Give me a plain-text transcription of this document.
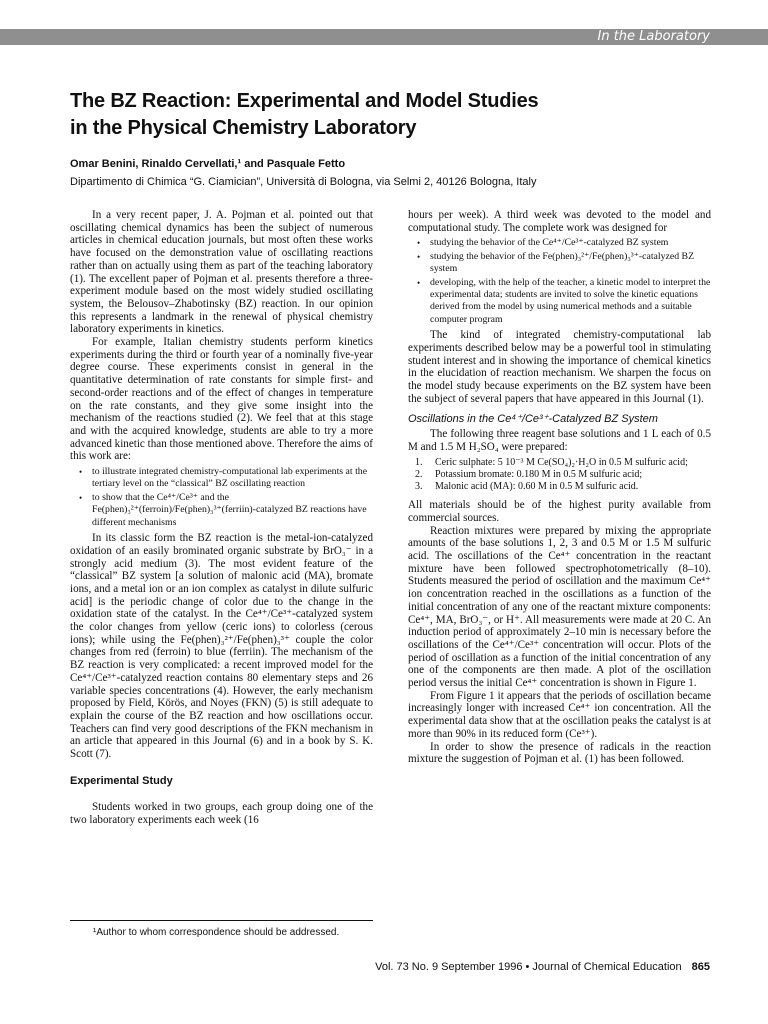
In the Laboratory
The BZ Reaction: Experimental and Model Studies
in the Physical Chemistry Laboratory
Omar Benini, Rinaldo Cervellati,¹ and Pasquale Fetto
Dipartimento di Chimica “G. Ciamician”, Università di Bologna, via Selmi 2, 40126 Bologna, Italy

In a very recent paper, J. A. Pojman et al. pointed out that oscillating chemical dynamics has been the subject of numerous articles in chemical education journals, but most often these works have focused on the demonstration value of oscillating reactions rather than on actually using them as part of the teaching laboratory (1). The excellent paper of Pojman et al. presents therefore a three-experiment module based on the most widely studied oscillating system, the Belousov–Zhabotinsky (BZ) reaction. In our opinion this represents a landmark in the renewal of physical chemistry laboratory experiments in kinetics.

For example, Italian chemistry students perform kinetics experiments during the third or fourth year of a nominally five-year degree course. These experiments consist in general in the quantitative determination of rate constants for simple first- and second-order reactions and of the effect of changes in temperature on the rate constants, and they give some insight into the mechanism of the reactions studied (2). We feel that at this stage and with the acquired knowledge, students are able to try a more advanced kinetic than those mentioned above. Therefore the aims of this work are:

• to illustrate integrated chemistry-computational lab experiments at the tertiary level on the “classical” BZ oscillating reaction
• to show that the Ce⁴⁺/Ce³⁺ and the Fe(phen)₃²⁺(ferroin)/Fe(phen)₃³⁺(ferriin)-catalyzed BZ reactions have different mechanisms

In its classic form the BZ reaction is the metal-ion-catalyzed oxidation of an easily brominated organic substrate by BrO₃⁻ in a strongly acid medium (3). The most evident feature of the “classical” BZ system [a solution of malonic acid (MA), bromate ions, and a metal ion or an ion complex as catalyst in dilute sulfuric acid] is the periodic change of color due to the change in the oxidation state of the catalyst. In the Ce⁴⁺/Ce³⁺-catalyzed system the color changes from yellow (ceric ions) to colorless (cerous ions); while using the Fe(phen)₃²⁺/Fe(phen)₃³⁺ couple the color changes from red (ferroin) to blue (ferriin). The mechanism of the BZ reaction is very complicated: a recent improved model for the Ce⁴⁺/Ce³⁺-catalyzed reaction contains 80 elementary steps and 26 variable species concentrations (4). However, the early mechanism proposed by Field, Körös, and Noyes (FKN) (5) is still adequate to explain the course of the BZ reaction and how oscillations occur. Teachers can find very good descriptions of the FKN mechanism in an article that appeared in this Journal (6) and in a book by S. K. Scott (7).

Experimental Study

Students worked in two groups, each group doing one of the two laboratory experiments each week (16

hours per week). A third week was devoted to the model and computational study. The complete work was designed for

• studying the behavior of the Ce⁴⁺/Ce³⁺-catalyzed BZ system
• studying the behavior of the Fe(phen)₃²⁺/Fe(phen)₃³⁺-catalyzed BZ system
• developing, with the help of the teacher, a kinetic model to interpret the experimental data; students are invited to solve the kinetic equations derived from the model by using numerical methods and a suitable computer program

The kind of integrated chemistry-computational lab experiments described below may be a powerful tool in stimulating student interest and in showing the importance of chemical kinetics in the elucidation of reaction mechanism. We sharpen the focus on the model study because experiments on the BZ system have been the subject of several papers that have appeared in this Journal (1).

Oscillations in the Ce⁴⁺/Ce³⁺-Catalyzed BZ System

The following three reagent base solutions and 1 L each of 0.5 M and 1.5 M H₂SO₄ were prepared:

1. Ceric sulphate: 5 10⁻³ M Ce(SO₄)₂·H₂O in 0.5 M sulfuric acid;
2. Potassium bromate: 0.180 M in 0.5 M sulfuric acid;
3. Malonic acid (MA): 0.60 M in 0.5 M sulfuric acid.

All materials should be of the highest purity available from commercial sources.

Reaction mixtures were prepared by mixing the appropriate amounts of the base solutions 1, 2, 3 and 0.5 M or 1.5 M sulfuric acid. The oscillations of the Ce⁴⁺ concentration in the reactant mixture have been followed spectrophotometrically (8–10). Students measured the period of oscillation and the maximum Ce⁴⁺ ion concentration reached in the oscillations as a function of the initial concentration of any one of the reactant mixture components: Ce⁴⁺, MA, BrO₃⁻, or H⁺. All measurements were made at 20 C. An induction period of approximately 2–10 min is necessary before the oscillations of the Ce⁴⁺/Ce³⁺ concentration will occur. Plots of the period of oscillation as a function of the initial concentration of any one of the components are then made. A plot of the oscillation period versus the initial Ce⁴⁺ concentration is shown in Figure 1.

From Figure 1 it appears that the periods of oscillation became increasingly longer with increased Ce⁴⁺ ion concentration. All the experimental data show that at the oscillation peaks the catalyst is at more than 90% in its reduced form (Ce³⁺).

In order to show the presence of radicals in the reaction mixture the suggestion of Pojman et al. (1) has been followed.

¹Author to whom correspondence should be addressed.
Vol. 73 No. 9 September 1996 • Journal of Chemical Education 865
